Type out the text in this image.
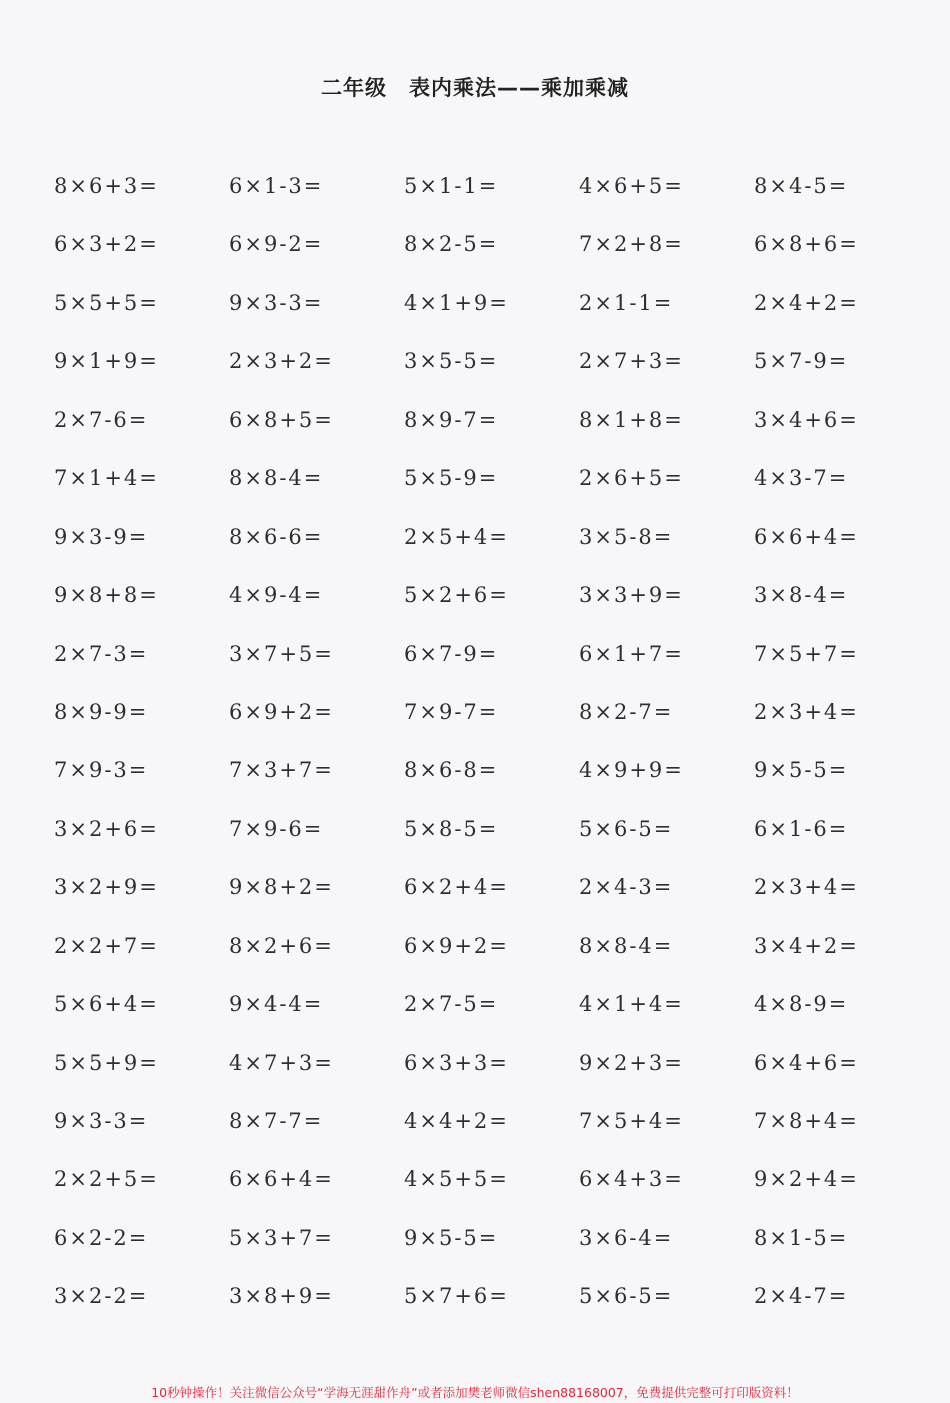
二年级　表内乘法——乘加乘减
8×6+3=	6×1-3=	5×1-1=	4×6+5=	8×4-5=
6×3+2=	6×9-2=	8×2-5=	7×2+8=	6×8+6=
5×5+5=	9×3-3=	4×1+9=	2×1-1=	2×4+2=
9×1+9=	2×3+2=	3×5-5=	2×7+3=	5×7-9=
2×7-6=	6×8+5=	8×9-7=	8×1+8=	3×4+6=
7×1+4=	8×8-4=	5×5-9=	2×6+5=	4×3-7=
9×3-9=	8×6-6=	2×5+4=	3×5-8=	6×6+4=
9×8+8=	4×9-4=	5×2+6=	3×3+9=	3×8-4=
2×7-3=	3×7+5=	6×7-9=	6×1+7=	7×5+7=
8×9-9=	6×9+2=	7×9-7=	8×2-7=	2×3+4=
7×9-3=	7×3+7=	8×6-8=	4×9+9=	9×5-5=
3×2+6=	7×9-6=	5×8-5=	5×6-5=	6×1-6=
3×2+9=	9×8+2=	6×2+4=	2×4-3=	2×3+4=
2×2+7=	8×2+6=	6×9+2=	8×8-4=	3×4+2=
5×6+4=	9×4-4=	2×7-5=	4×1+4=	4×8-9=
5×5+9=	4×7+3=	6×3+3=	9×2+3=	6×4+6=
9×3-3=	8×7-7=	4×4+2=	7×5+4=	7×8+4=
2×2+5=	6×6+4=	4×5+5=	6×4+3=	9×2+4=
6×2-2=	5×3+7=	9×5-5=	3×6-4=	8×1-5=
3×2-2=	3×8+9=	5×7+6=	5×6-5=	2×4-7=
10秒钟操作！关注微信公众号“学海无涯甜作舟”或者添加樊老师微信shen88168007，免费提供完整可打印版资料！
